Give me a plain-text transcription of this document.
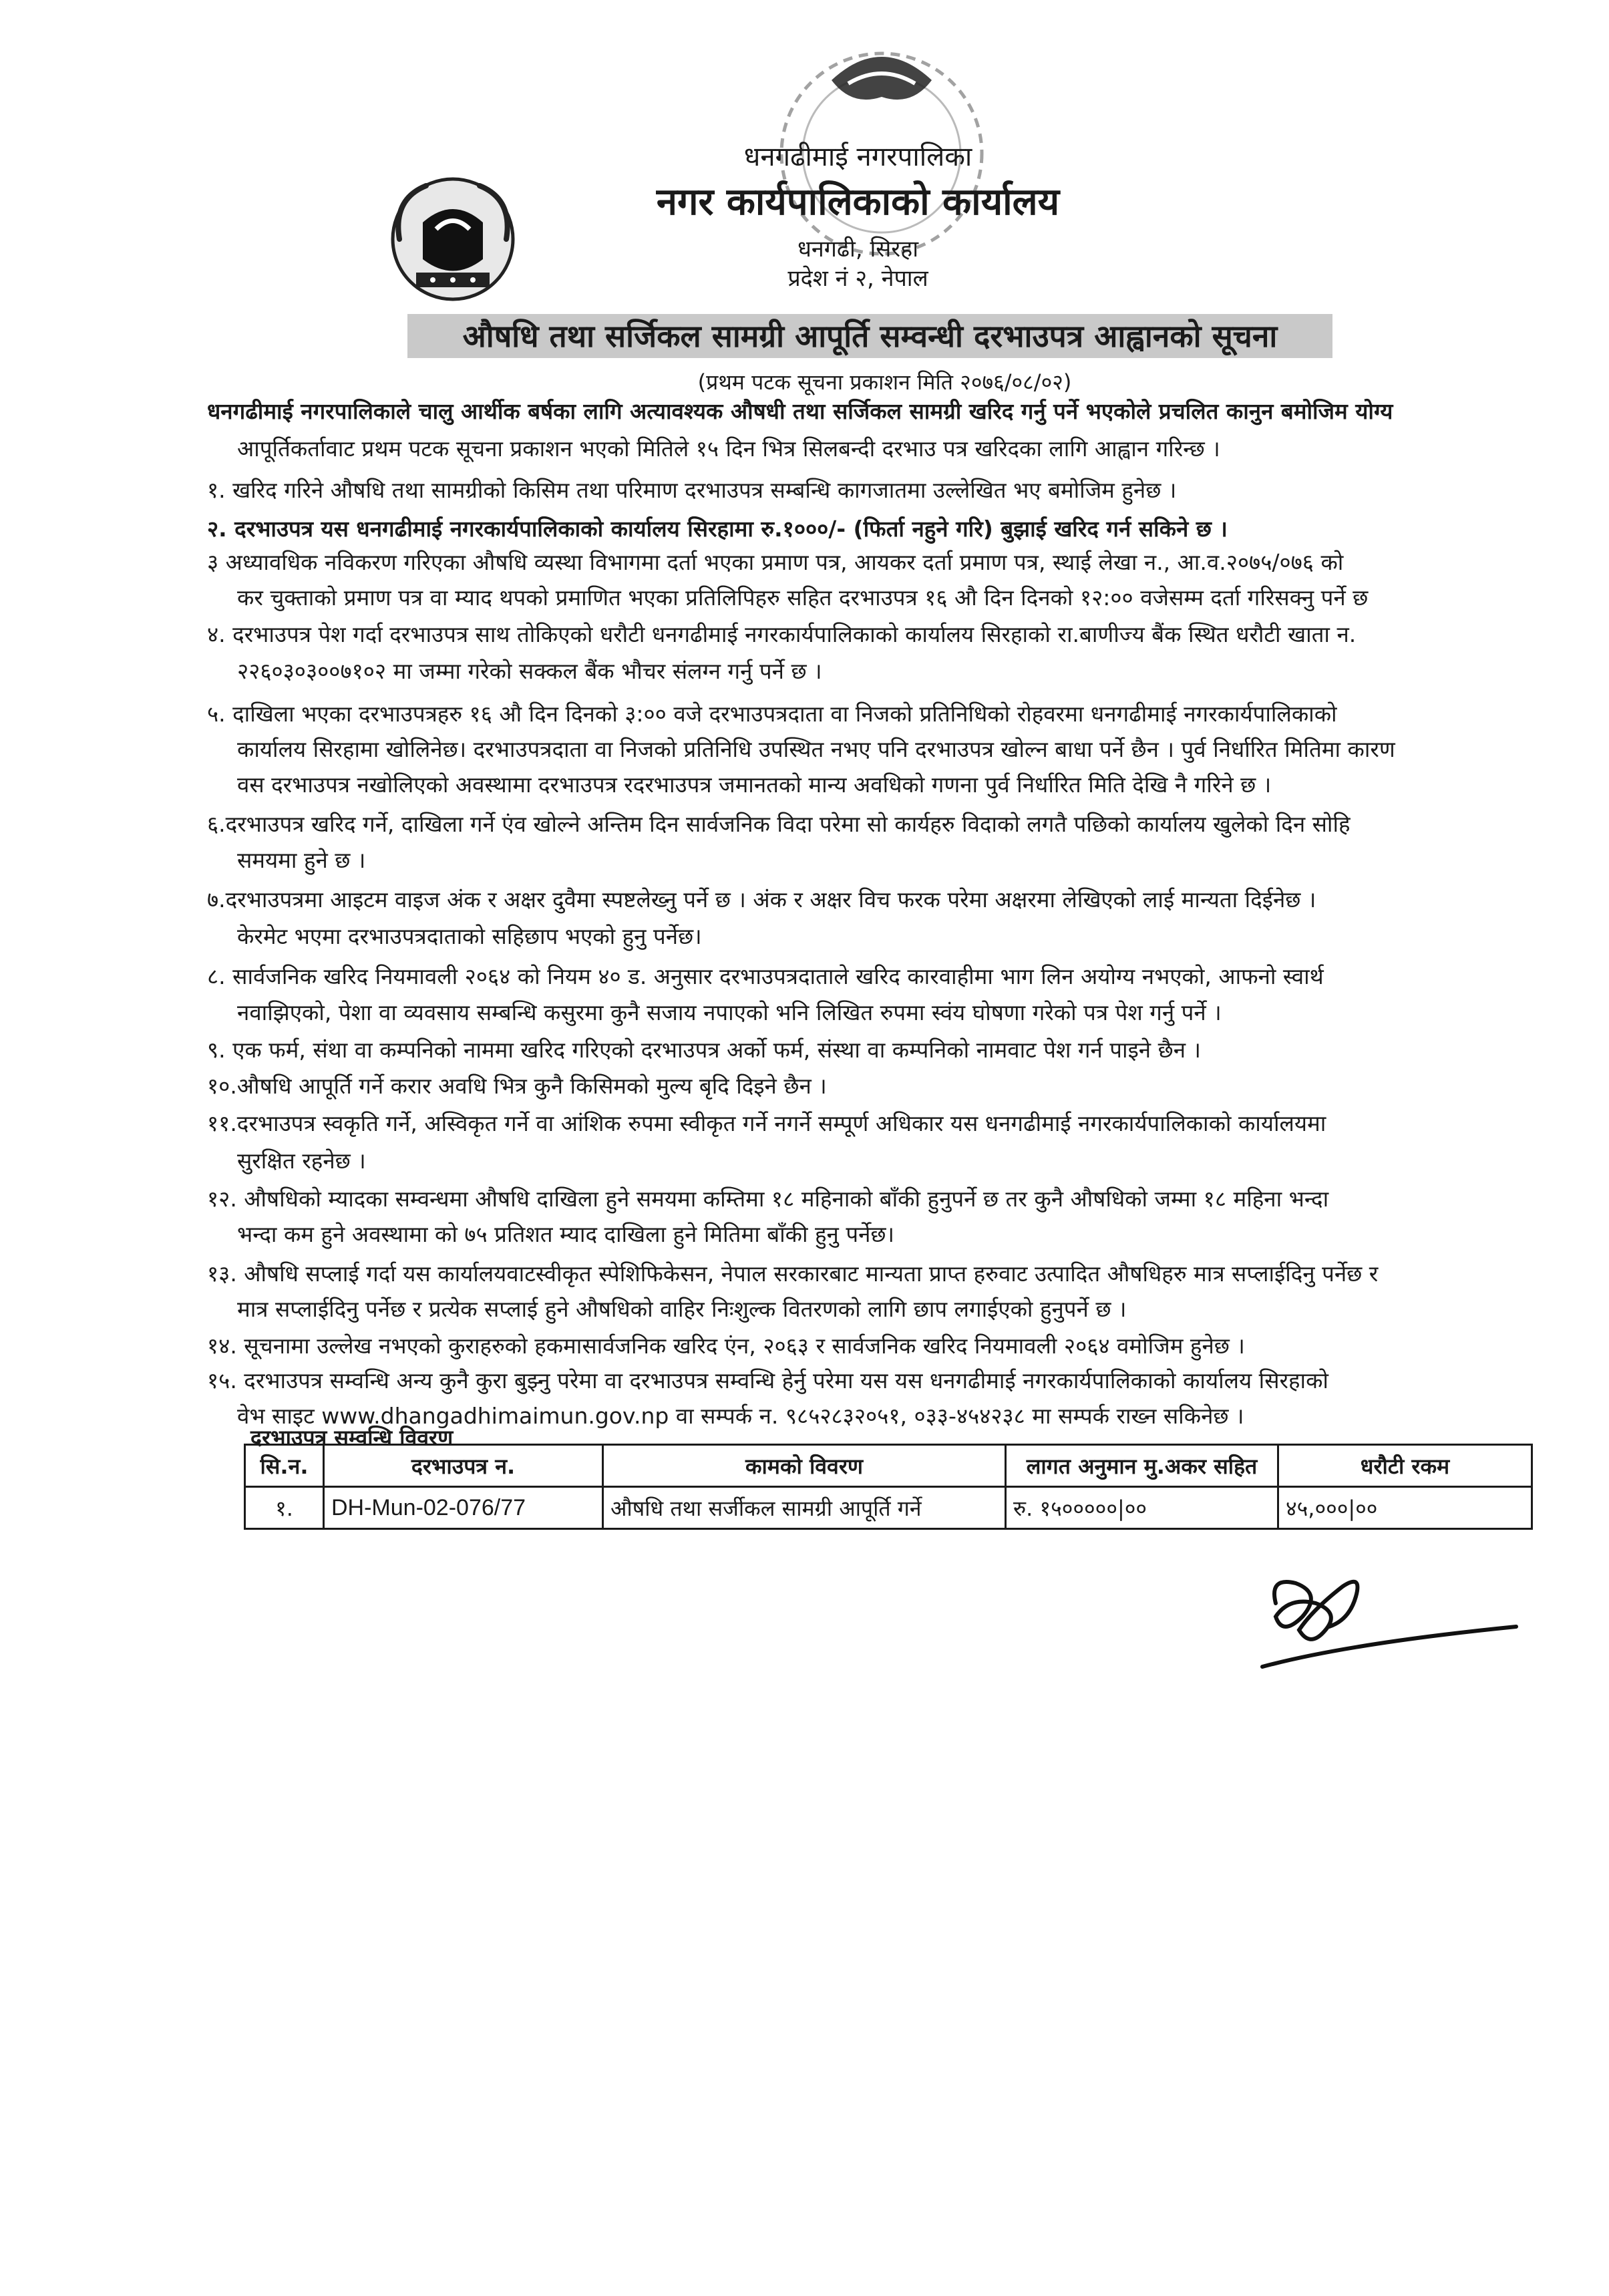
धनगढीमाई नगरपालिका
नगर कार्यपालिकाको कार्यालय
धनगढी, सिरहा
प्रदेश नं २, नेपाल
औषधि तथा सर्जिकल सामग्री आपूर्ति सम्वन्धी दरभाउपत्र आह्वानको सूचना
(प्रथम पटक सूचना प्रकाशन मिति २०७६/०८/०२)
धनगढीमाई नगरपालिकाले चालु आर्थीक बर्षका लागि अत्यावश्यक औषधी तथा सर्जिकल सामग्री खरिद गर्नु पर्ने भएकोले प्रचलित कानुन बमोजिम योग्य
आपूर्तिकर्तावाट प्रथम पटक सूचना प्रकाशन भएको मितिले १५ दिन भित्र सिलबन्दी दरभाउ पत्र खरिदका लागि आह्वान गरिन्छ ।
१. खरिद गरिने औषधि तथा सामग्रीको किसिम तथा परिमाण दरभाउपत्र सम्बन्धि कागजातमा उल्लेखित भए बमोजिम हुनेछ ।
२. दरभाउपत्र यस धनगढीमाई नगरकार्यपालिकाको कार्यालय सिरहामा रु.१०००/- (फिर्ता नहुने गरि) बुझाई खरिद गर्न सकिने छ ।
३ अध्यावधिक नविकरण गरिएका औषधि व्यस्था विभागमा दर्ता भएका प्रमाण पत्र, आयकर दर्ता प्रमाण पत्र, स्थाई लेखा न., आ.व.२०७५/०७६ को
कर चुक्ताको प्रमाण पत्र वा म्याद थपको प्रमाणित भएका प्रतिलिपिहरु सहित दरभाउपत्र १६ औ दिन दिनको १२:०० वजेसम्म दर्ता गरिसक्नु पर्ने छ
४. दरभाउपत्र पेश गर्दा दरभाउपत्र साथ तोकिएको धरौटी धनगढीमाई नगरकार्यपालिकाको कार्यालय सिरहाको रा.बाणीज्य बैंक स्थित धरौटी खाता न.
२२६०३०३००७१०२ मा जम्मा गरेको सक्कल बैंक भौचर संलग्न गर्नु पर्ने छ ।
५. दाखिला भएका दरभाउपत्रहरु १६ औ दिन दिनको ३:०० वजे दरभाउपत्रदाता वा निजको प्रतिनिधिको रोहवरमा धनगढीमाई नगरकार्यपालिकाको
कार्यालय सिरहामा खोलिनेछ। दरभाउपत्रदाता वा निजको प्रतिनिधि उपस्थित नभए पनि दरभाउपत्र खोल्न बाधा पर्ने छैन । पुर्व निर्धारित मितिमा कारण
वस दरभाउपत्र नखोलिएको अवस्थामा दरभाउपत्र रदरभाउपत्र जमानतको मान्य अवधिको गणना पुर्व निर्धारित मिति देखि नै गरिने छ ।
६.दरभाउपत्र खरिद गर्ने, दाखिला गर्ने एंव खोल्ने अन्तिम दिन सार्वजनिक विदा परेमा सो कार्यहरु विदाको लगतै पछिको कार्यालय खुलेको दिन सोहि
समयमा हुने छ ।
७.दरभाउपत्रमा आइटम वाइज अंक र अक्षर दुवैमा स्पष्टलेख्नु पर्ने छ । अंक र अक्षर विच फरक परेमा अक्षरमा लेखिएको लाई मान्यता दिईनेछ ।
केरमेट भएमा दरभाउपत्रदाताको सहिछाप भएको हुनु पर्नेछ।
८. सार्वजनिक खरिद नियमावली २०६४ को नियम ४० ड. अनुसार दरभाउपत्रदाताले खरिद कारवाहीमा भाग लिन अयोग्य नभएको, आफनो स्वार्थ
नवाझिएको, पेशा वा व्यवसाय सम्बन्धि कसुरमा कुनै सजाय नपाएको भनि लिखित रुपमा स्वंय घोषणा गरेको पत्र पेश गर्नु पर्ने ।
९. एक फर्म, संथा वा कम्पनिको नाममा खरिद गरिएको दरभाउपत्र अर्को फर्म, संस्था वा कम्पनिको नामवाट पेश गर्न पाइने छैन ।
१०.औषधि आपूर्ति गर्ने करार अवधि भित्र कुनै किसिमको मुल्य बृदि दिइने छैन ।
११.दरभाउपत्र स्वकृति गर्ने, अस्विकृत गर्ने वा आंशिक रुपमा स्वीकृत गर्ने नगर्ने सम्पूर्ण अधिकार यस धनगढीमाई नगरकार्यपालिकाको कार्यालयमा
सुरक्षित रहनेछ ।
१२. औषधिको म्यादका सम्वन्धमा औषधि दाखिला हुने समयमा कम्तिमा १८ महिनाको बाँकी हुनुपर्ने छ तर कुनै औषधिको जम्मा १८ महिना भन्दा
भन्दा कम हुने अवस्थामा को ७५ प्रतिशत म्याद दाखिला हुने मितिमा बाँकी हुनु पर्नेछ।
१३. औषधि सप्लाई गर्दा यस कार्यालयवाटस्वीकृत स्पेशिफिकेसन, नेपाल सरकारबाट मान्यता प्राप्त हरुवाट उत्पादित औषधिहरु मात्र सप्लाईदिनु पर्नेछ र
मात्र सप्लाईदिनु पर्नेछ र प्रत्येक सप्लाई हुने औषधिको वाहिर निःशुल्क वितरणको लागि छाप लगाईएको हुनुपर्ने छ ।
१४. सूचनामा उल्लेख नभएको कुराहरुको हकमासार्वजनिक खरिद एंन, २०६३ र सार्वजनिक खरिद नियमावली २०६४ वमोजिम हुनेछ ।
१५. दरभाउपत्र सम्वन्धि अन्य कुनै कुरा बुझ्नु परेमा वा दरभाउपत्र सम्वन्धि हेर्नु परेमा यस यस धनगढीमाई नगरकार्यपालिकाको कार्यालय सिरहाको
वेभ साइट www.dhangadhimaimun.gov.np वा सम्पर्क न. ९८५२८३२०५१, ०३३-४५४२३८ मा सम्पर्क राख्न सकिनेछ ।
दरभाउपत्र सम्वन्धि विवरण
सि.न.	दरभाउपत्र न.	कामको विवरण	लागत अनुमान मु.अकर सहित	धरौटी रकम
१.	DH-Mun-02-076/77	औषधि तथा सर्जीकल सामग्री आपूर्ति गर्ने	रु. १५०००००|००	४५,०००|००
